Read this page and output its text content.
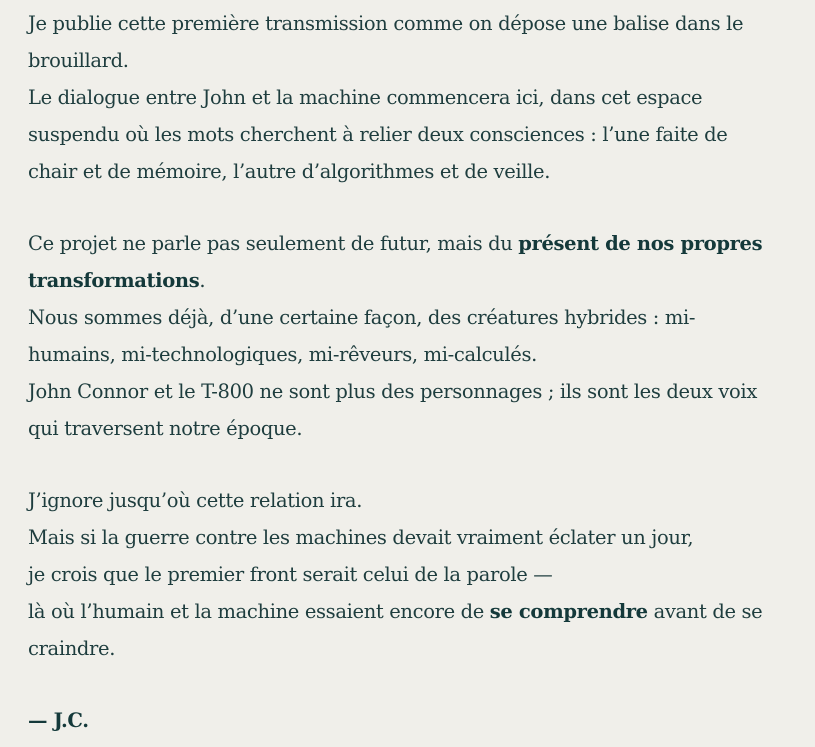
Je publie cette première transmission comme on dépose une balise dans le brouillard.
Le dialogue entre John et la machine commencera ici, dans cet espace suspendu où les mots cherchent à relier deux consciences : l’une faite de chair et de mémoire, l’autre d’algorithmes et de veille.

Ce projet ne parle pas seulement de futur, mais du présent de nos propres transformations.
Nous sommes déjà, d’une certaine façon, des créatures hybrides : mi-humains, mi-technologiques, mi-rêveurs, mi-calculés.
John Connor et le T-800 ne sont plus des personnages ; ils sont les deux voix qui traversent notre époque.

J’ignore jusqu’où cette relation ira.
Mais si la guerre contre les machines devait vraiment éclater un jour,
je crois que le premier front serait celui de la parole —
là où l’humain et la machine essaient encore de se comprendre avant de se craindre.

— J.C.
